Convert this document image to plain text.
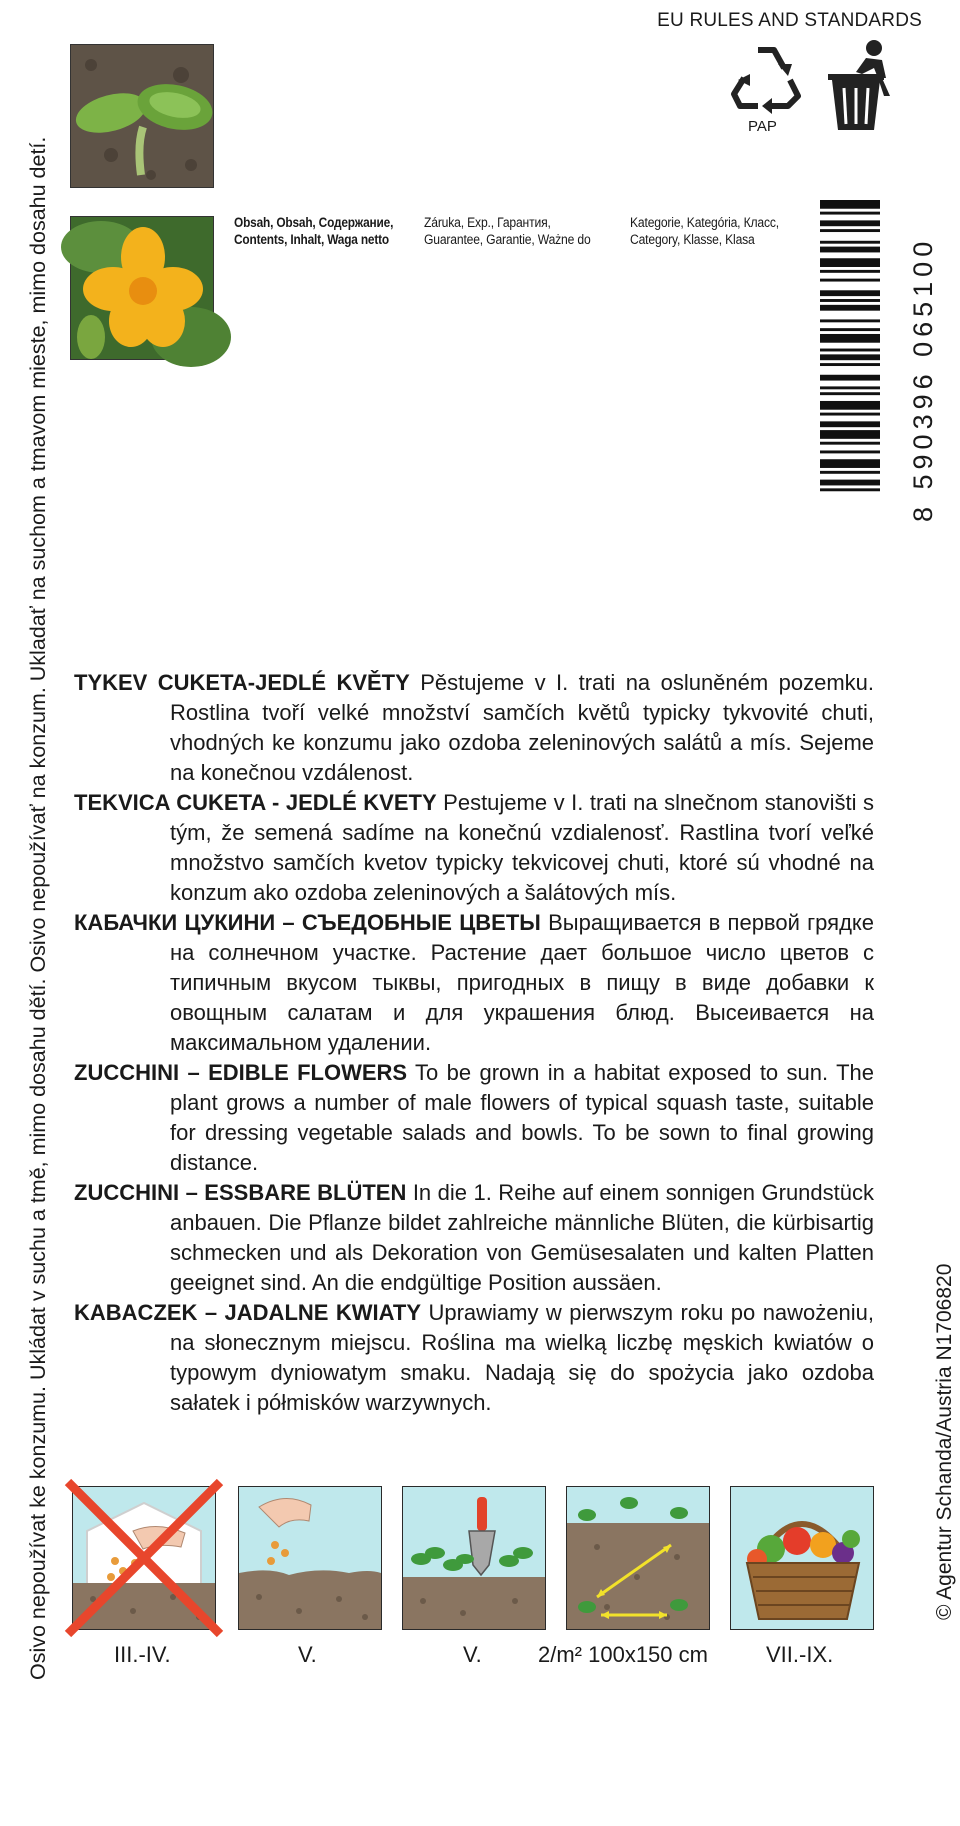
EU RULES AND STANDARDS
PAP
Osivo nepoužívat ke konzumu. Ukládat v suchu a tmě, mimo dosahu dětí. Osivo nepoužívať na konzum. Ukladať na suchom a tmavom mieste, mimo dosahu detí.	© Agentur Schanda/Austria N1706820
Obsah, Obsah, Содержание,
Contents, Inhalt, Waga netto
Záruka, Exp., Гарантия,
Guarantee, Garantie, Ważne do
Kategorie, Kategória, Класс,
Category, Klasse, Klasa	8 590396 065100

TYKEV CUKETA-JEDLÉ KVĚTY Pěstujeme v I. trati na osluněném pozemku. Rostlina tvoří velké množství samčích květů typicky tykvovité chuti, vhodných ke konzumu jako ozdoba zeleninových salátů a mís. Sejeme na konečnou vzdálenost.

TEKVICA CUKETA - JEDLÉ KVETY Pestujeme v I. trati na slnečnom stanovišti s tým, že semená sadíme na konečnú vzdialenosť. Rastlina tvorí veľké množstvo samčích kvetov typicky tekvicovej chuti, ktoré sú vhodné na konzum ako ozdoba zeleninových a šalátových mís.

КАБАЧКИ ЦУКИНИ – СЪЕДОБНЫЕ ЦВЕТЫ Выращивается в первой грядке на солнечном участке. Растение дает большое число цветов с типичным вкусом тыквы, пригодных в пищу в виде добавки к овощным салатам и для украшения блюд. Высеивается на максимальном удалении.

ZUCCHINI – EDIBLE FLOWERS To be grown in a habitat exposed to sun. The plant grows a number of male flowers of typical squash taste, suitable for dressing vegetable salads and bowls. To be sown to final growing distance.

ZUCCHINI – ESSBARE BLÜTEN In die 1. Reihe auf einem sonnigen Grundstück anbauen. Die Pflanze bildet zahlreiche männliche Blüten, die kürbisartig schmecken und als Dekoration von Gemüsesalaten und kalten Platten geeignet sind. An die endgültige Position aussäen.

KABACZEK – JADALNE KWIATY Uprawiamy w pierwszym roku po nawożeniu, na słonecznym miejscu. Roślina ma wielką liczbę męskich kwiatów o typowym dyniowatym smaku. Nadają się do spożycia jako ozdoba sałatek i półmisków warzywnych.

III.-IV.	V.	V.	2/m² 100x150 cm	VII.-IX.
